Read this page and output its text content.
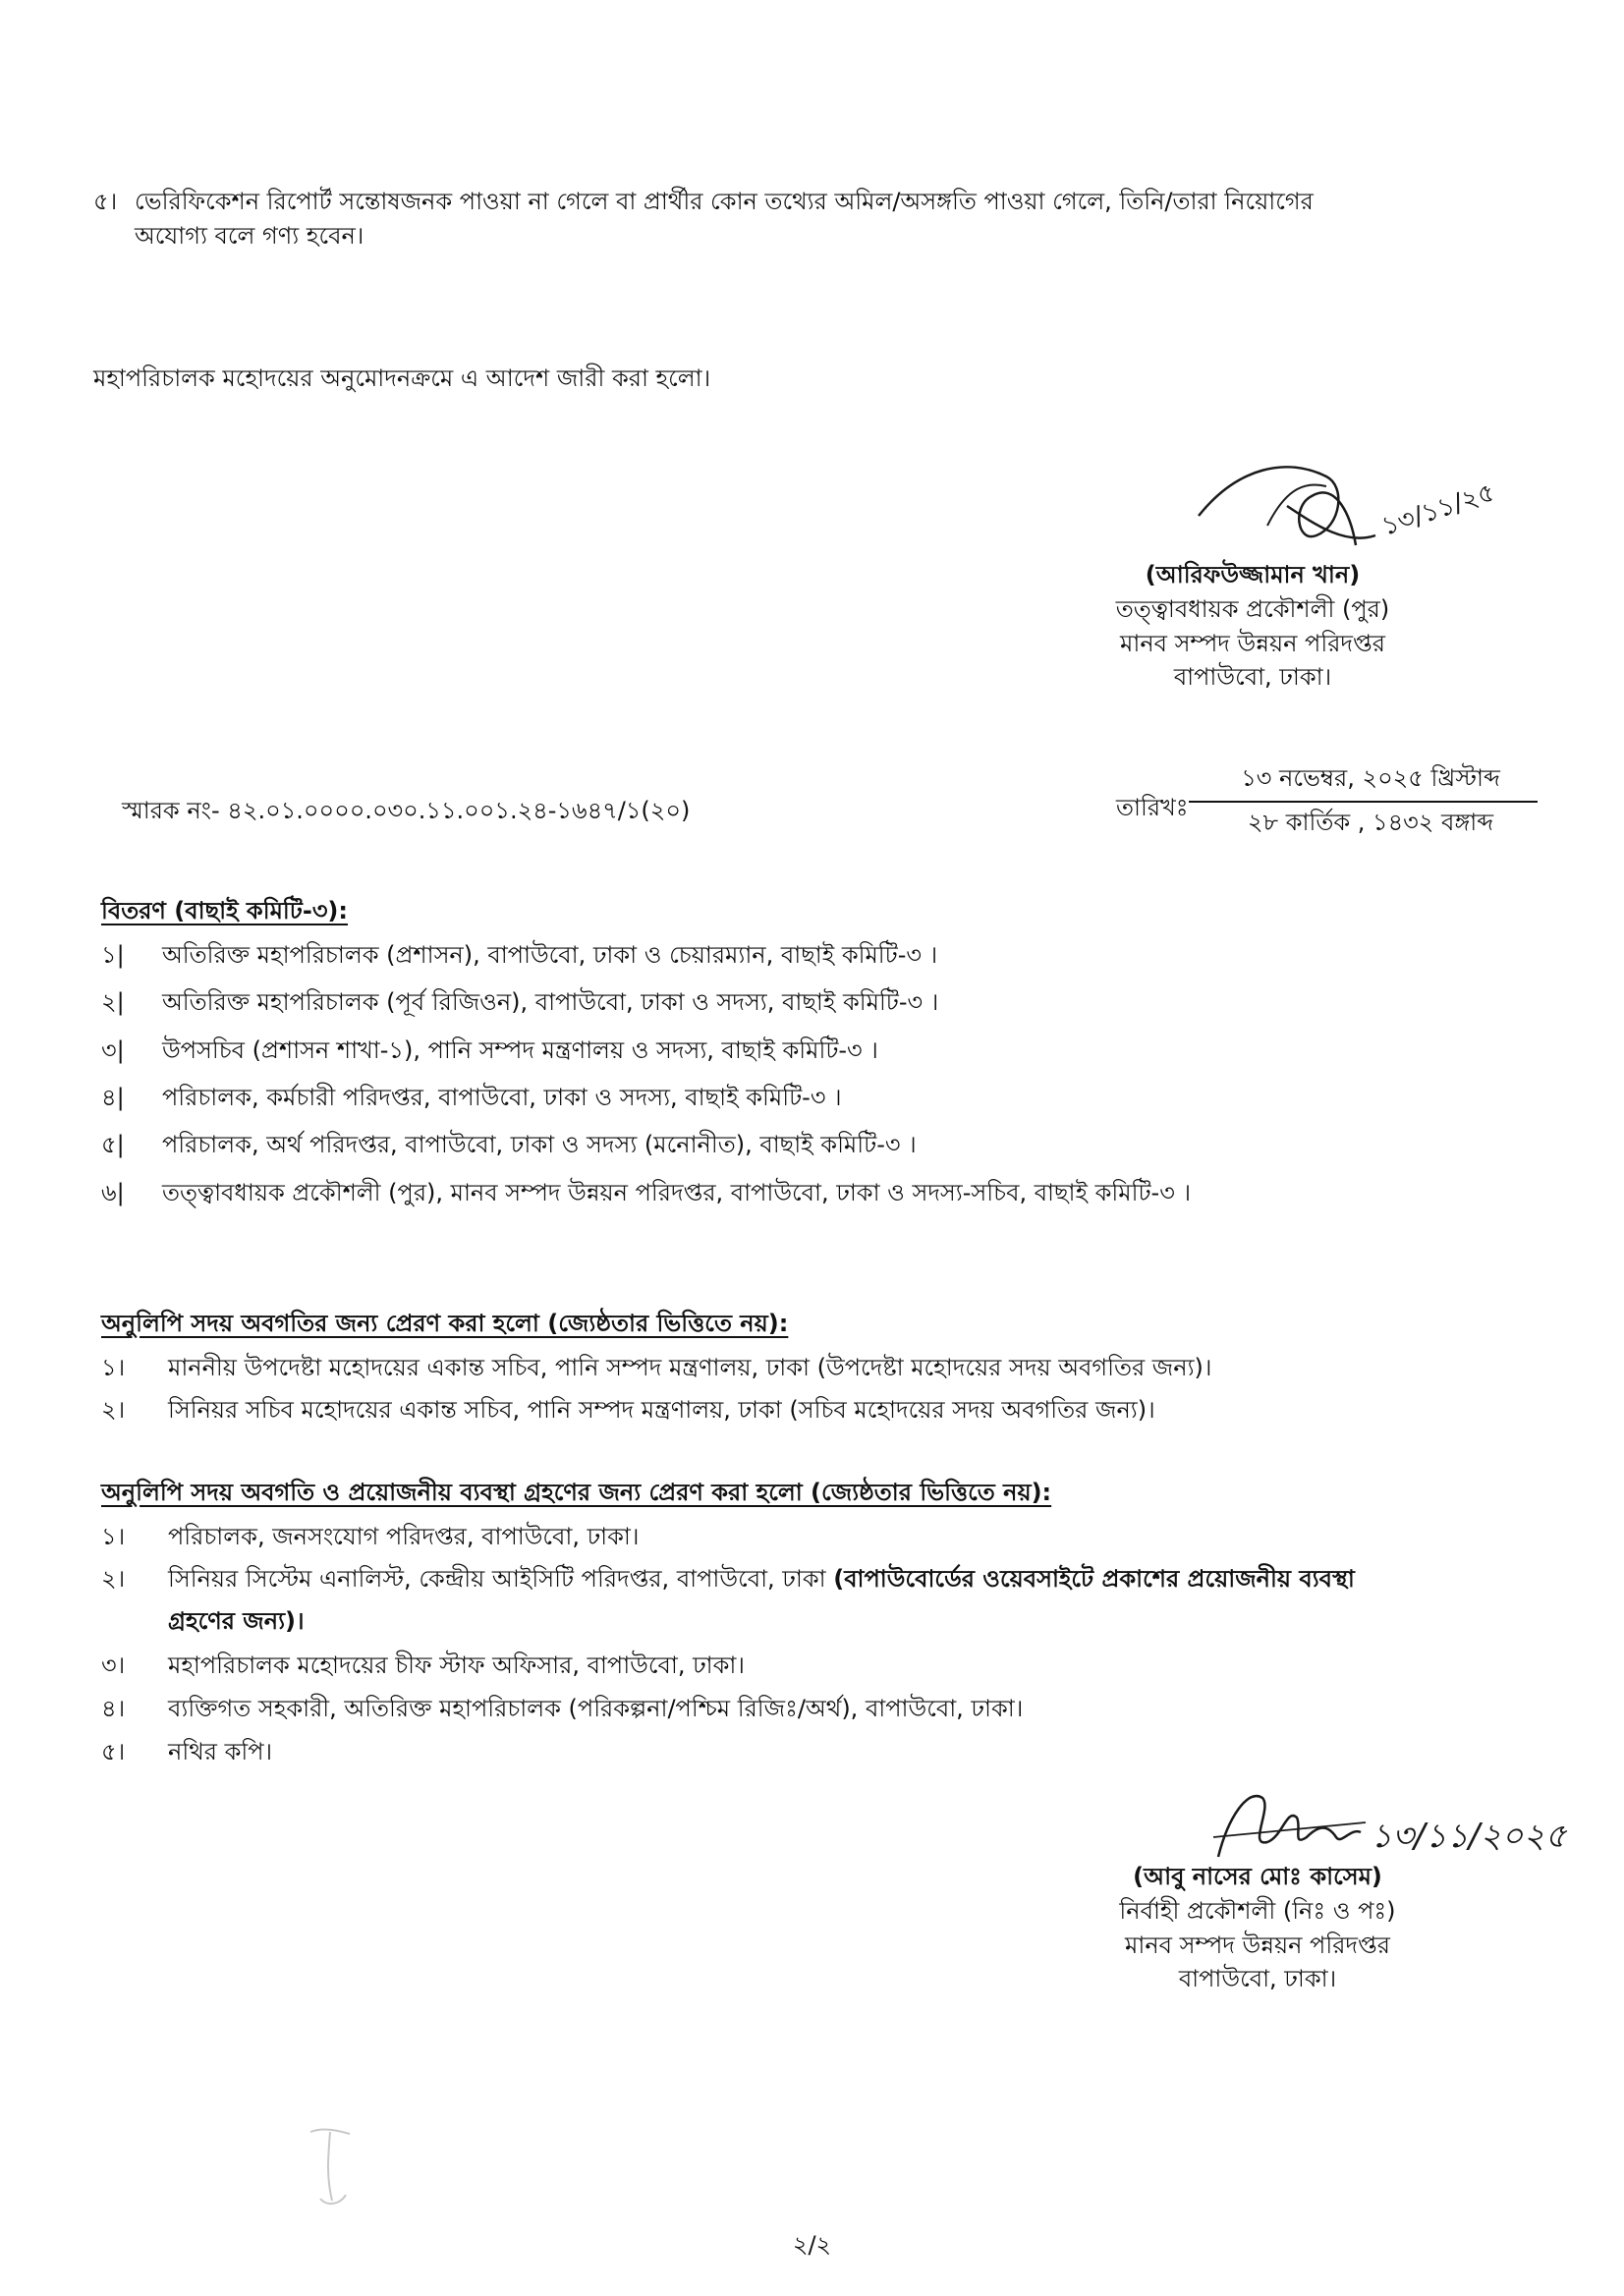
৫। ভেরিফিকেশন রিপোর্ট সন্তোষজনক পাওয়া না গেলে বা প্রার্থীর কোন তথ্যের অমিল/অসঙ্গতি পাওয়া গেলে, তিনি/তারা নিয়োগের
অযোগ্য বলে গণ্য হবেন।
মহাপরিচালক মহোদয়ের অনুমোদনক্রমে এ আদেশ জারী করা হলো।
১৩/১১/২৫
(আরিফউজ্জামান খান)
তত্ত্বাবধায়ক প্রকৌশলী (পুর)
মানব সম্পদ উন্নয়ন পরিদপ্তর
বাপাউবো, ঢাকা।
স্মারক নং- ৪২.০১.০০০০.০৩০.১১.০০১.২৪-১৬৪৭/১(২০)	তারিখঃ
১৩ নভেম্বর, ২০২৫ খ্রিস্টাব্দ
২৮ কার্তিক , ১৪৩২ বঙ্গাব্দ
বিতরণ (বাছাই কমিটি-৩):
১| অতিরিক্ত মহাপরিচালক (প্রশাসন), বাপাউবো, ঢাকা ও চেয়ারম্যান, বাছাই কমিটি-৩ ।
২| অতিরিক্ত মহাপরিচালক (পূর্ব রিজিওন), বাপাউবো, ঢাকা ও সদস্য, বাছাই কমিটি-৩ ।
৩| উপসচিব (প্রশাসন শাখা-১), পানি সম্পদ মন্ত্রণালয় ও সদস্য, বাছাই কমিটি-৩ ।
৪| পরিচালক, কর্মচারী পরিদপ্তর, বাপাউবো, ঢাকা ও সদস্য, বাছাই কমিটি-৩ ।
৫| পরিচালক, অর্থ পরিদপ্তর, বাপাউবো, ঢাকা ও সদস্য (মনোনীত), বাছাই কমিটি-৩ ।
৬| তত্ত্বাবধায়ক প্রকৌশলী (পুর), মানব সম্পদ উন্নয়ন পরিদপ্তর, বাপাউবো, ঢাকা ও সদস্য-সচিব, বাছাই কমিটি-৩ ।
অনুলিপি সদয় অবগতির জন্য প্রেরণ করা হলো (জ্যেষ্ঠতার ভিত্তিতে নয়):
১। মাননীয় উপদেষ্টা মহোদয়ের একান্ত সচিব, পানি সম্পদ মন্ত্রণালয়, ঢাকা (উপদেষ্টা মহোদয়ের সদয় অবগতির জন্য)।
২। সিনিয়র সচিব মহোদয়ের একান্ত সচিব, পানি সম্পদ মন্ত্রণালয়, ঢাকা (সচিব মহোদয়ের সদয় অবগতির জন্য)।
অনুলিপি সদয় অবগতি ও প্রয়োজনীয় ব্যবস্থা গ্রহণের জন্য প্রেরণ করা হলো (জ্যেষ্ঠতার ভিত্তিতে নয়):
১। পরিচালক, জনসংযোগ পরিদপ্তর, বাপাউবো, ঢাকা।
২। সিনিয়র সিস্টেম এনালিস্ট, কেন্দ্রীয় আইসিটি পরিদপ্তর, বাপাউবো, ঢাকা (বাপাউবোর্ডের ওয়েবসাইটে প্রকাশের প্রয়োজনীয় ব্যবস্থা
গ্রহণের জন্য)।
৩। মহাপরিচালক মহোদয়ের চীফ স্টাফ অফিসার, বাপাউবো, ঢাকা।
৪। ব্যক্তিগত সহকারী, অতিরিক্ত মহাপরিচালক (পরিকল্পনা/পশ্চিম রিজিঃ/অর্থ), বাপাউবো, ঢাকা।
৫। নথির কপি।
১৩/১১/২০২৫
(আবু নাসের মোঃ কাসেম)
নির্বাহী প্রকৌশলী (নিঃ ও পঃ)
মানব সম্পদ উন্নয়ন পরিদপ্তর
বাপাউবো, ঢাকা।
২/২
